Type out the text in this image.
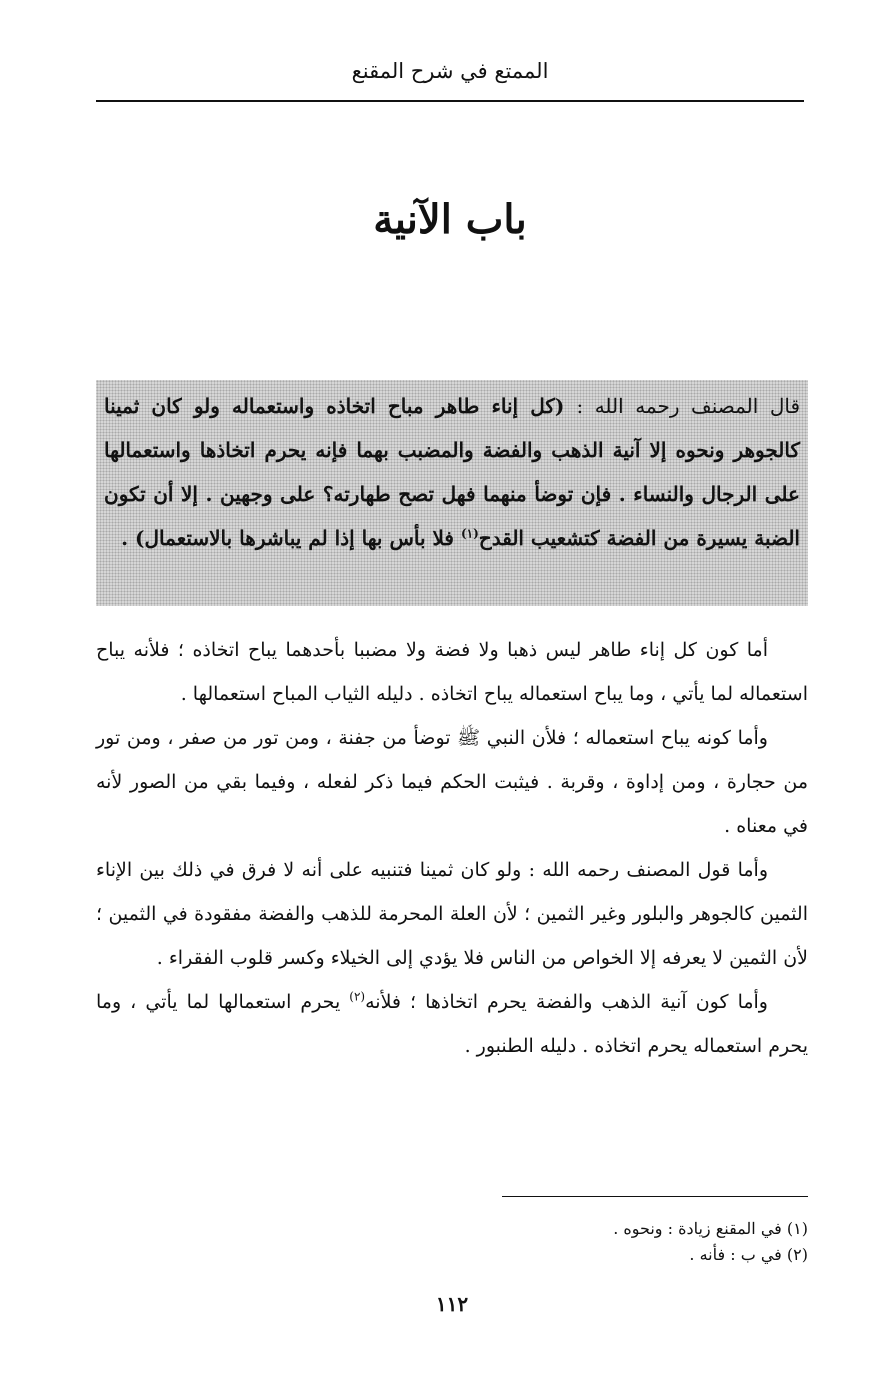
الممتع في شرح المقنع
باب الآنية

قال المصنف رحمه الله : (كل إناء طاهر مباح اتخاذه واستعماله ولو كان ثمينا كالجوهر ونحوه إلا آنية الذهب والفضة والمضبب بهما فإنه يحرم اتخاذها واستعمالها على الرجال والنساء . فإن توضأ منهما فهل تصح طهارته؟ على وجهين . إلا أن تكون الضبة يسيرة من الفضة كتشعيب القدح$^{(١)}$ فلا بأس بها إذا لم يباشرها بالاستعمال) .

أما كون كل إناء طاهر ليس ذهبا ولا فضة ولا مضببا بأحدهما يباح اتخاذه ؛ فلأنه يباح استعماله لما يأتي ، وما يباح استعماله يباح اتخاذه . دليله الثياب المباح استعمالها .

وأما كونه يباح استعماله ؛ فلأن النبي ﷺ توضأ من جفنة ، ومن تور من صفر ، ومن تور من حجارة ، ومن إداوة ، وقربة . فيثبت الحكم فيما ذكر لفعله ، وفيما بقي من الصور لأنه في معناه .

وأما قول المصنف رحمه الله : ولو كان ثمينا فتنبيه على أنه لا فرق في ذلك بين الإناء الثمين كالجوهر والبلور وغير الثمين ؛ لأن العلة المحرمة للذهب والفضة مفقودة في الثمين ؛ لأن الثمين لا يعرفه إلا الخواص من الناس فلا يؤدي إلى الخيلاء وكسر قلوب الفقراء .

وأما كون آنية الذهب والفضة يحرم اتخاذها ؛ فلأنه$^{(٢)}$ يحرم استعمالها لما يأتي ، وما يحرم استعماله يحرم اتخاذه . دليله الطنبور .

(١) في المقنع زيادة : ونحوه .
(٢) في ب : فأنه .
١١٢
